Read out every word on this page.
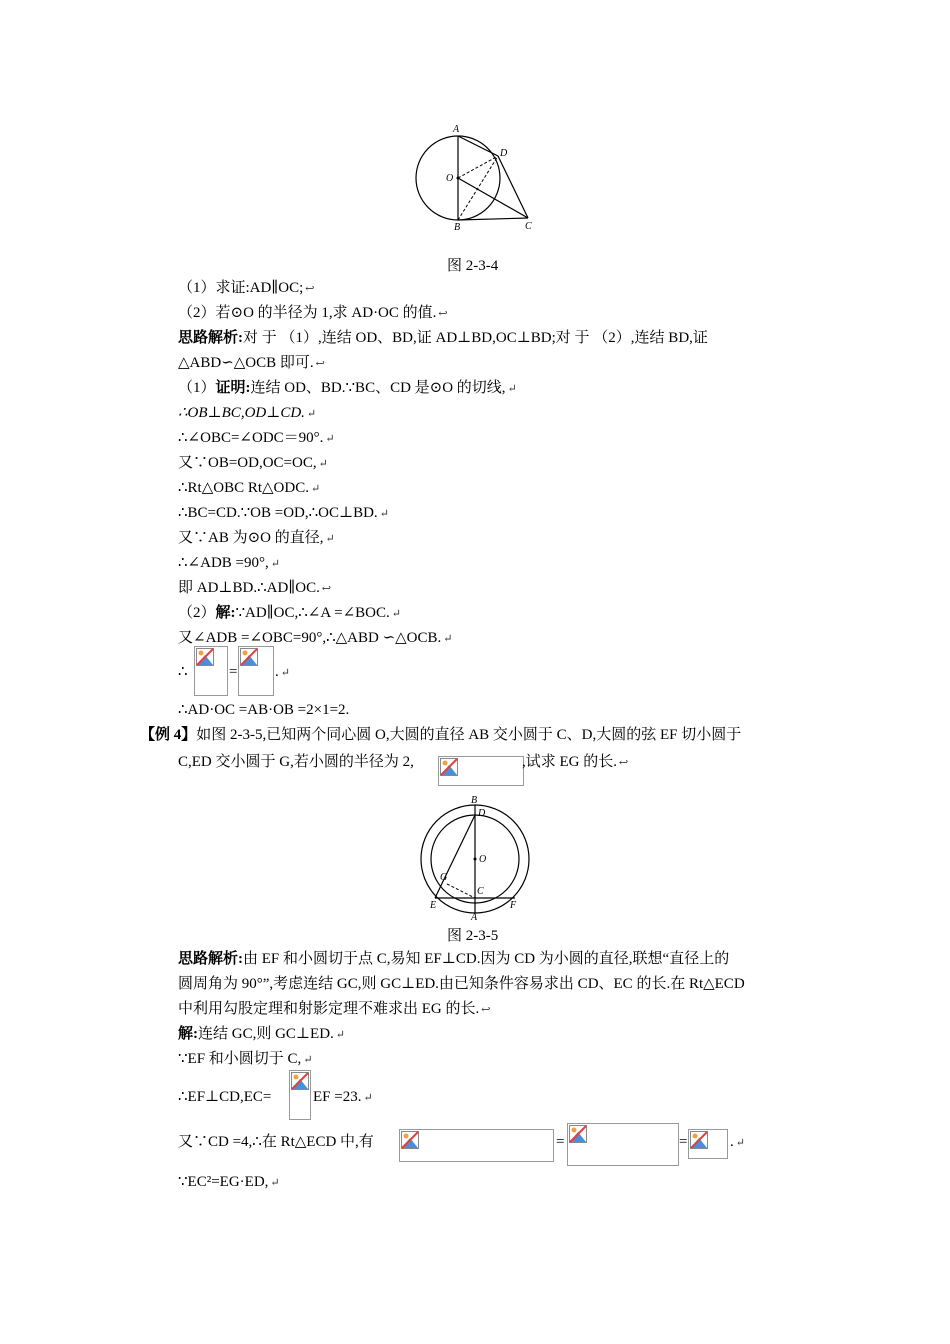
A
D
O
B	C
图 2-3-4
（1）求证:AD∥OC; ↩
（2）若⊙O 的半径为 1,求 AD·OC 的值. ↩
思路解析:对 于 （1）,连结 OD、BD,证 AD⊥BD,OC⊥BD;对 于 （2）,连结 BD,证
△ABD∽△OCB 即可. ↩
（1）证明:连结 OD、BD.∵BC、CD 是⊙O 的切线, ↵
∴OB⊥BC,OD⊥CD. ↵
∴∠OBC=∠ODC＝90°. ↵
又∵OB=OD,OC=OC, ↵
∴Rt△OBC Rt△ODC. ↵
∴BC=CD.∵OB =OD,∴OC⊥BD. ↵
又∵AB 为⊙O 的直径, ↵
∴∠ADB =90°, ↵
即 AD⊥BD.∴AD∥OC. ↩
（2）解:∵AD∥OC,∴∠A =∠BOC. ↵
又∠ADB =∠OBC=90°,∴△ABD ∽△OCB. ↵
∴	=	. ↵
∴AD·OC =AB·OB =2×1=2.
【例 4】如图 2-3-5,已知两个同心圆 O,大圆的直径 AB 交小圆于 C、D,大圆的弦 EF 切小圆于
C,ED 交小圆于 G,若小圆的半径为 2,	,试求 EG 的长. ↩
B
D
O
G
C
E	F
A
图 2-3-5
思路解析:由 EF 和小圆切于点 C,易知 EF⊥CD.因为 CD 为小圆的直径,联想“直径上的
圆周角为 90°”,考虑连结 GC,则 GC⊥ED.由已知条件容易求出 CD、EC 的长.在 Rt△ECD
中利用勾股定理和射影定理不难求出 EG 的长. ↩
解:连结 GC,则 GC⊥ED. ↵
∵EF 和小圆切于 C, ↵
∴EF⊥CD,EC=	EF =23. ↵
又∵CD =4,∴在 Rt△ECD 中,有	=	=	. ↵
∵EC²=EG·ED, ↵
